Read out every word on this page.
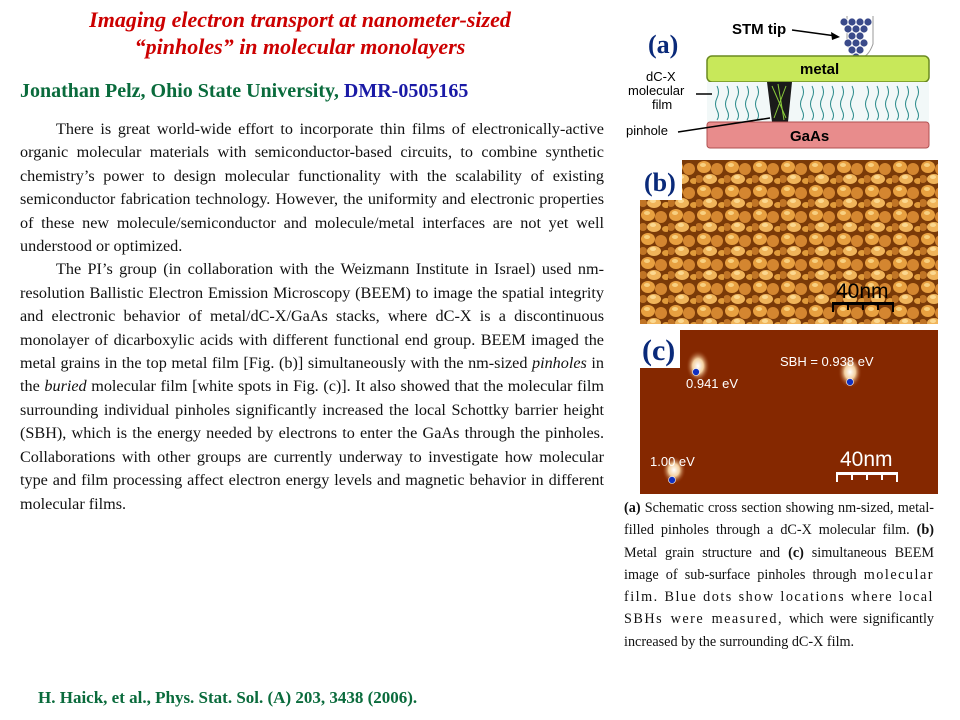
Imaging electron transport at nanometer-sized
“pinholes” in molecular monolayers
Jonathan Pelz, Ohio State University, DMR-0505165

There is great world-wide effort to incorporate thin films of electronically-active organic molecular materials with semiconductor-based circuits, to combine synthetic chemistry’s power to design molecular functionality with the scalability of existing semiconductor fabrication technology. However, the uniformity and electronic properties of these new molecule/semiconductor and molecule/metal interfaces are not yet well understood or optimized.

The PI’s group (in collaboration with the Weizmann Institute in Israel) used nm-resolution Ballistic Electron Emission Microscopy (BEEM) to image the spatial integrity and electronic behavior of metal/dC-X/GaAs stacks, where dC-X is a discontinuous monolayer of dicarboxylic acids with different functional end group. BEEM imaged the metal grains in the top metal film [Fig. (b)] simultaneously with the nm-sized pinholes in the buried molecular film [white spots in Fig. (c)]. It also showed that the molecular film surrounding individual pinholes significantly increased the local Schottky barrier height (SBH), which is the energy needed by electrons to enter the GaAs through the pinholes. Collaborations with other groups are currently underway to investigate how molecular type and film processing affect electron energy levels and magnetic behavior in different molecular films.

H. Haick, et al., Phys. Stat. Sol. (A) 203, 3438 (2006).
(a)
STM tip
metal
GaAs
dC-X
molecular
film
pinhole
40nm
(b)
0.941 eV
SBH = 0.938 eV
1.00 eV	40nm
(c)
(a) Schematic cross section showing nm-sized, metal-filled pinholes through a dC-X molecular film. (b) Metal grain structure and (c) simultaneous BEEM image of sub-surface pinholes through molecular film. Blue dots show locations where local SBHs were measured, which were significantly increased by the surrounding dC-X film.
